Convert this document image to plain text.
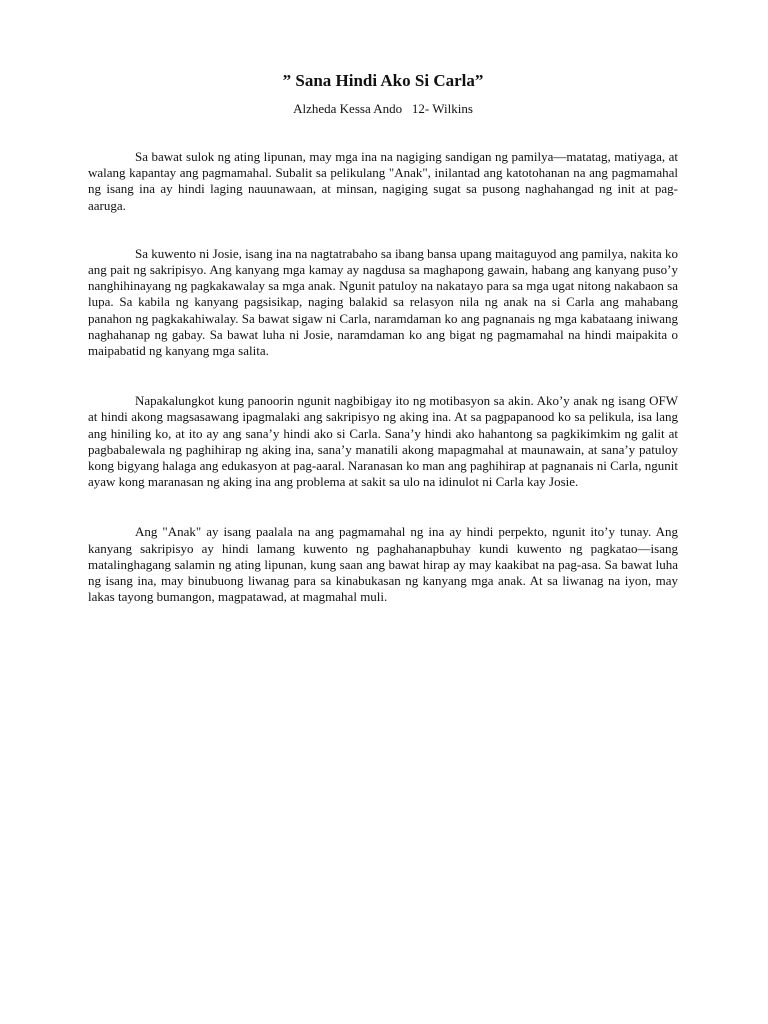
” Sana Hindi Ako Si Carla”

Alzheda Kessa Ando   12- Wilkins

Sa bawat sulok ng ating lipunan, may mga ina na nagiging sandigan ng pamilya—matatag, matiyaga, at walang kapantay ang pagmamahal. Subalit sa pelikulang "Anak", inilantad ang katotohanan na ang pagmamahal ng isang ina ay hindi laging nauunawaan, at minsan, nagiging sugat sa pusong naghahangad ng init at pag-aaruga.

Sa kuwento ni Josie, isang ina na nagtatrabaho sa ibang bansa upang maitaguyod ang pamilya, nakita ko ang pait ng sakripisyo. Ang kanyang mga kamay ay nagdusa sa maghapong gawain, habang ang kanyang puso’y nanghihinayang ng pagkakawalay sa mga anak. Ngunit patuloy na nakatayo para sa mga ugat nitong nakabaon sa lupa. Sa kabila ng kanyang pagsisikap, naging balakid sa relasyon nila ng anak na si Carla ang mahabang panahon ng pagkakahiwalay. Sa bawat sigaw ni Carla, naramdaman ko ang pagnanais ng mga kabataang iniwang naghahanap ng gabay. Sa bawat luha ni Josie, naramdaman ko ang bigat ng pagmamahal na hindi maipakita o maipabatid ng kanyang mga salita.

Napakalungkot kung panoorin ngunit nagbibigay ito ng motibasyon sa akin. Ako’y anak ng isang OFW at hindi akong magsasawang ipagmalaki ang sakripisyo ng aking ina. At sa pagpapanood ko sa pelikula, isa lang ang hiniling ko, at ito ay ang sana’y hindi ako si Carla. Sana’y hindi ako hahantong sa pagkikimkim ng galit at pagbabalewala ng paghihirap ng aking ina, sana’y manatili akong mapagmahal at maunawain, at sana’y patuloy kong bigyang halaga ang edukasyon at pag-aaral. Naranasan ko man ang paghihirap at pagnanais ni Carla, ngunit ayaw kong maranasan ng aking ina ang problema at sakit sa ulo na idinulot ni Carla kay Josie.

Ang "Anak" ay isang paalala na ang pagmamahal ng ina ay hindi perpekto, ngunit ito’y tunay. Ang kanyang sakripisyo ay hindi lamang kuwento ng paghahanapbuhay kundi kuwento ng pagkatao—isang matalinghagang salamin ng ating lipunan, kung saan ang bawat hirap ay may kaakibat na pag-asa. Sa bawat luha ng isang ina, may binubuong liwanag para sa kinabukasan ng kanyang mga anak. At sa liwanag na iyon, may lakas tayong bumangon, magpatawad, at magmahal muli.
